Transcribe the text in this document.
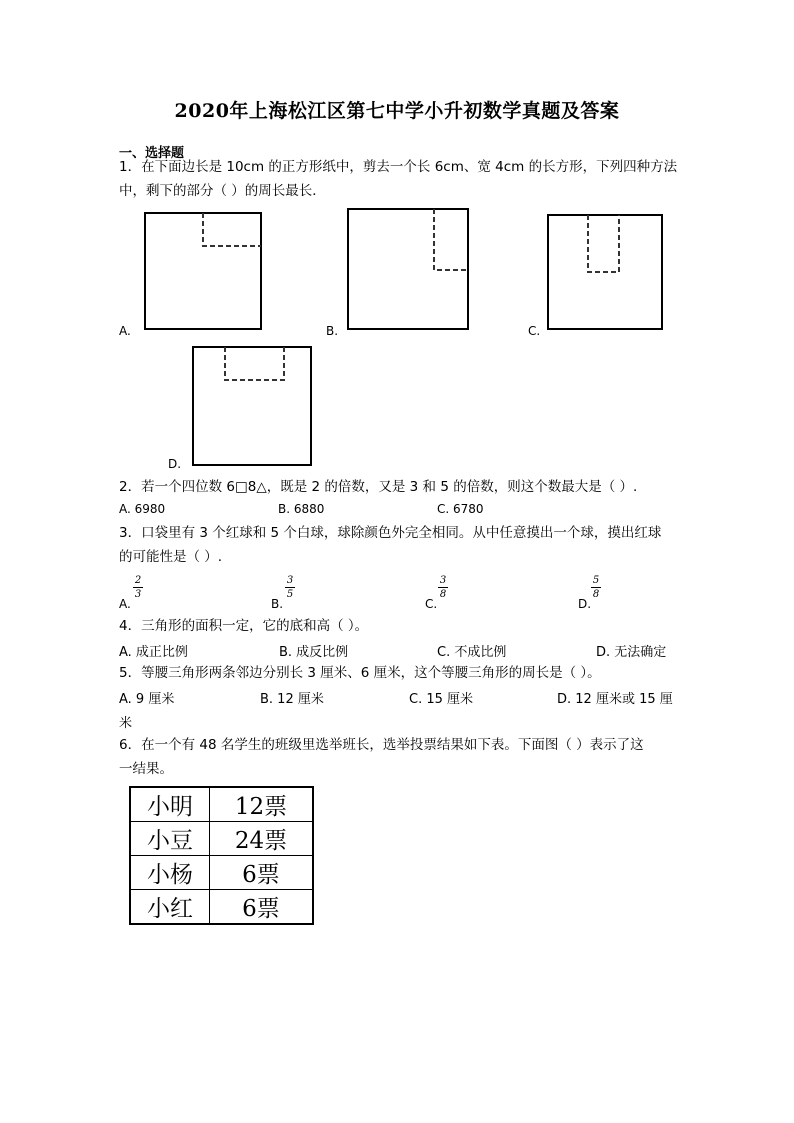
2020年上海松江区第七中学小升初数学真题及答案
一、选择题
1．在下面边长是 10cm 的正方形纸中，剪去一个长 6cm、宽 4cm 的长方形，下列四种方法
中，剩下的部分（ ）的周长最长．
A.	B.	C.
D.
2．若一个四位数 6□8△，既是 2 的倍数，又是 3 和 5 的倍数，则这个数最大是（ ）.
A. 6980	B. 6880	C. 6780
3．口袋里有 3 个红球和 5 个白球，球除颜色外完全相同。从中任意摸出一个球，摸出红球
的可能性是（ ）.
A.
2
3
B.
3
5
C.
3
8
D.
5
8
4．三角形的面积一定，它的底和高（ ）。
A. 成正比例	B. 成反比例	C. 不成比例	D. 无法确定
5．等腰三角形两条邻边分别长 3 厘米、6 厘米，这个等腰三角形的周长是（ ）。
A. 9 厘米	B. 12 厘米	C. 15 厘米	D. 12 厘米或 15 厘
米
6．在一个有 48 名学生的班级里选举班长，选举投票结果如下表。下面图（ ）表示了这
一结果。
小明	12票
小豆	24票
小杨	6票
小红	6票
